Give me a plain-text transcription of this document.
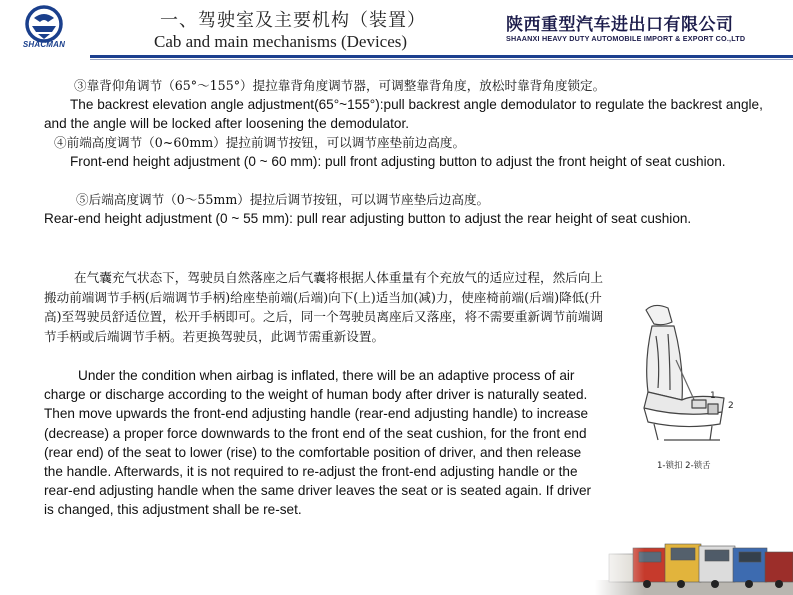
SHACMAN
一、驾驶室及主要机构（装置）
Cab and main mechanisms (Devices)
陕西重型汽车进出口有限公司
SHAANXI HEAVY DUTY AUTOMOBILE IMPORT & EXPORT CO.,LTD
③靠背仰角调节（65°～155°）提拉靠背角度调节器，可调整靠背角度，放松时靠背角度锁定。
The backrest elevation angle adjustment(65°~155°):pull backrest angle demodulator to regulate the backrest angle, and the angle will be locked after loosening the demodulator.
④前端高度调节（0~60mm）提拉前调节按钮，可以调节座垫前边高度。
Front-end height adjustment (0 ~ 60 mm): pull front adjusting button to adjust the front height of seat cushion.
⑤后端高度调节（0～55mm）提拉后调节按钮，可以调节座垫后边高度。
Rear-end height adjustment (0 ~ 55 mm): pull rear adjusting button to adjust the rear height of seat cushion.
在气囊充气状态下，驾驶员自然落座之后气囊将根据人体重量有个充放气的适应过程，然后向上搬动前端调节手柄(后端调节手柄)给座垫前端(后端)向下(上)适当加(减)力，使座椅前端(后端)降低(升高)至驾驶员舒适位置，松开手柄即可。之后，同一个驾驶员离座后又落座，将不需要重新调节前端调节手柄或后端调节手柄。若更换驾驶员，此调节需重新设置。
Under the condition when airbag is inflated, there will be an adaptive process of air charge or discharge according to the weight of human body after driver is naturally seated. Then move upwards the front-end adjusting handle (rear-end adjusting handle) to increase (decrease) a proper force downwards to the front end of the seat cushion, for the front end (rear end) of the seat to lower (rise) to the comfortable position of driver, and then release the handle. Afterwards, it is not required to re-adjust the front-end adjusting handle or the rear-end adjusting handle when the same driver leaves the seat or is seated again. If driver is changed, this adjustment shall be re-set.
1
2
1-锁扣 2-锁舌
